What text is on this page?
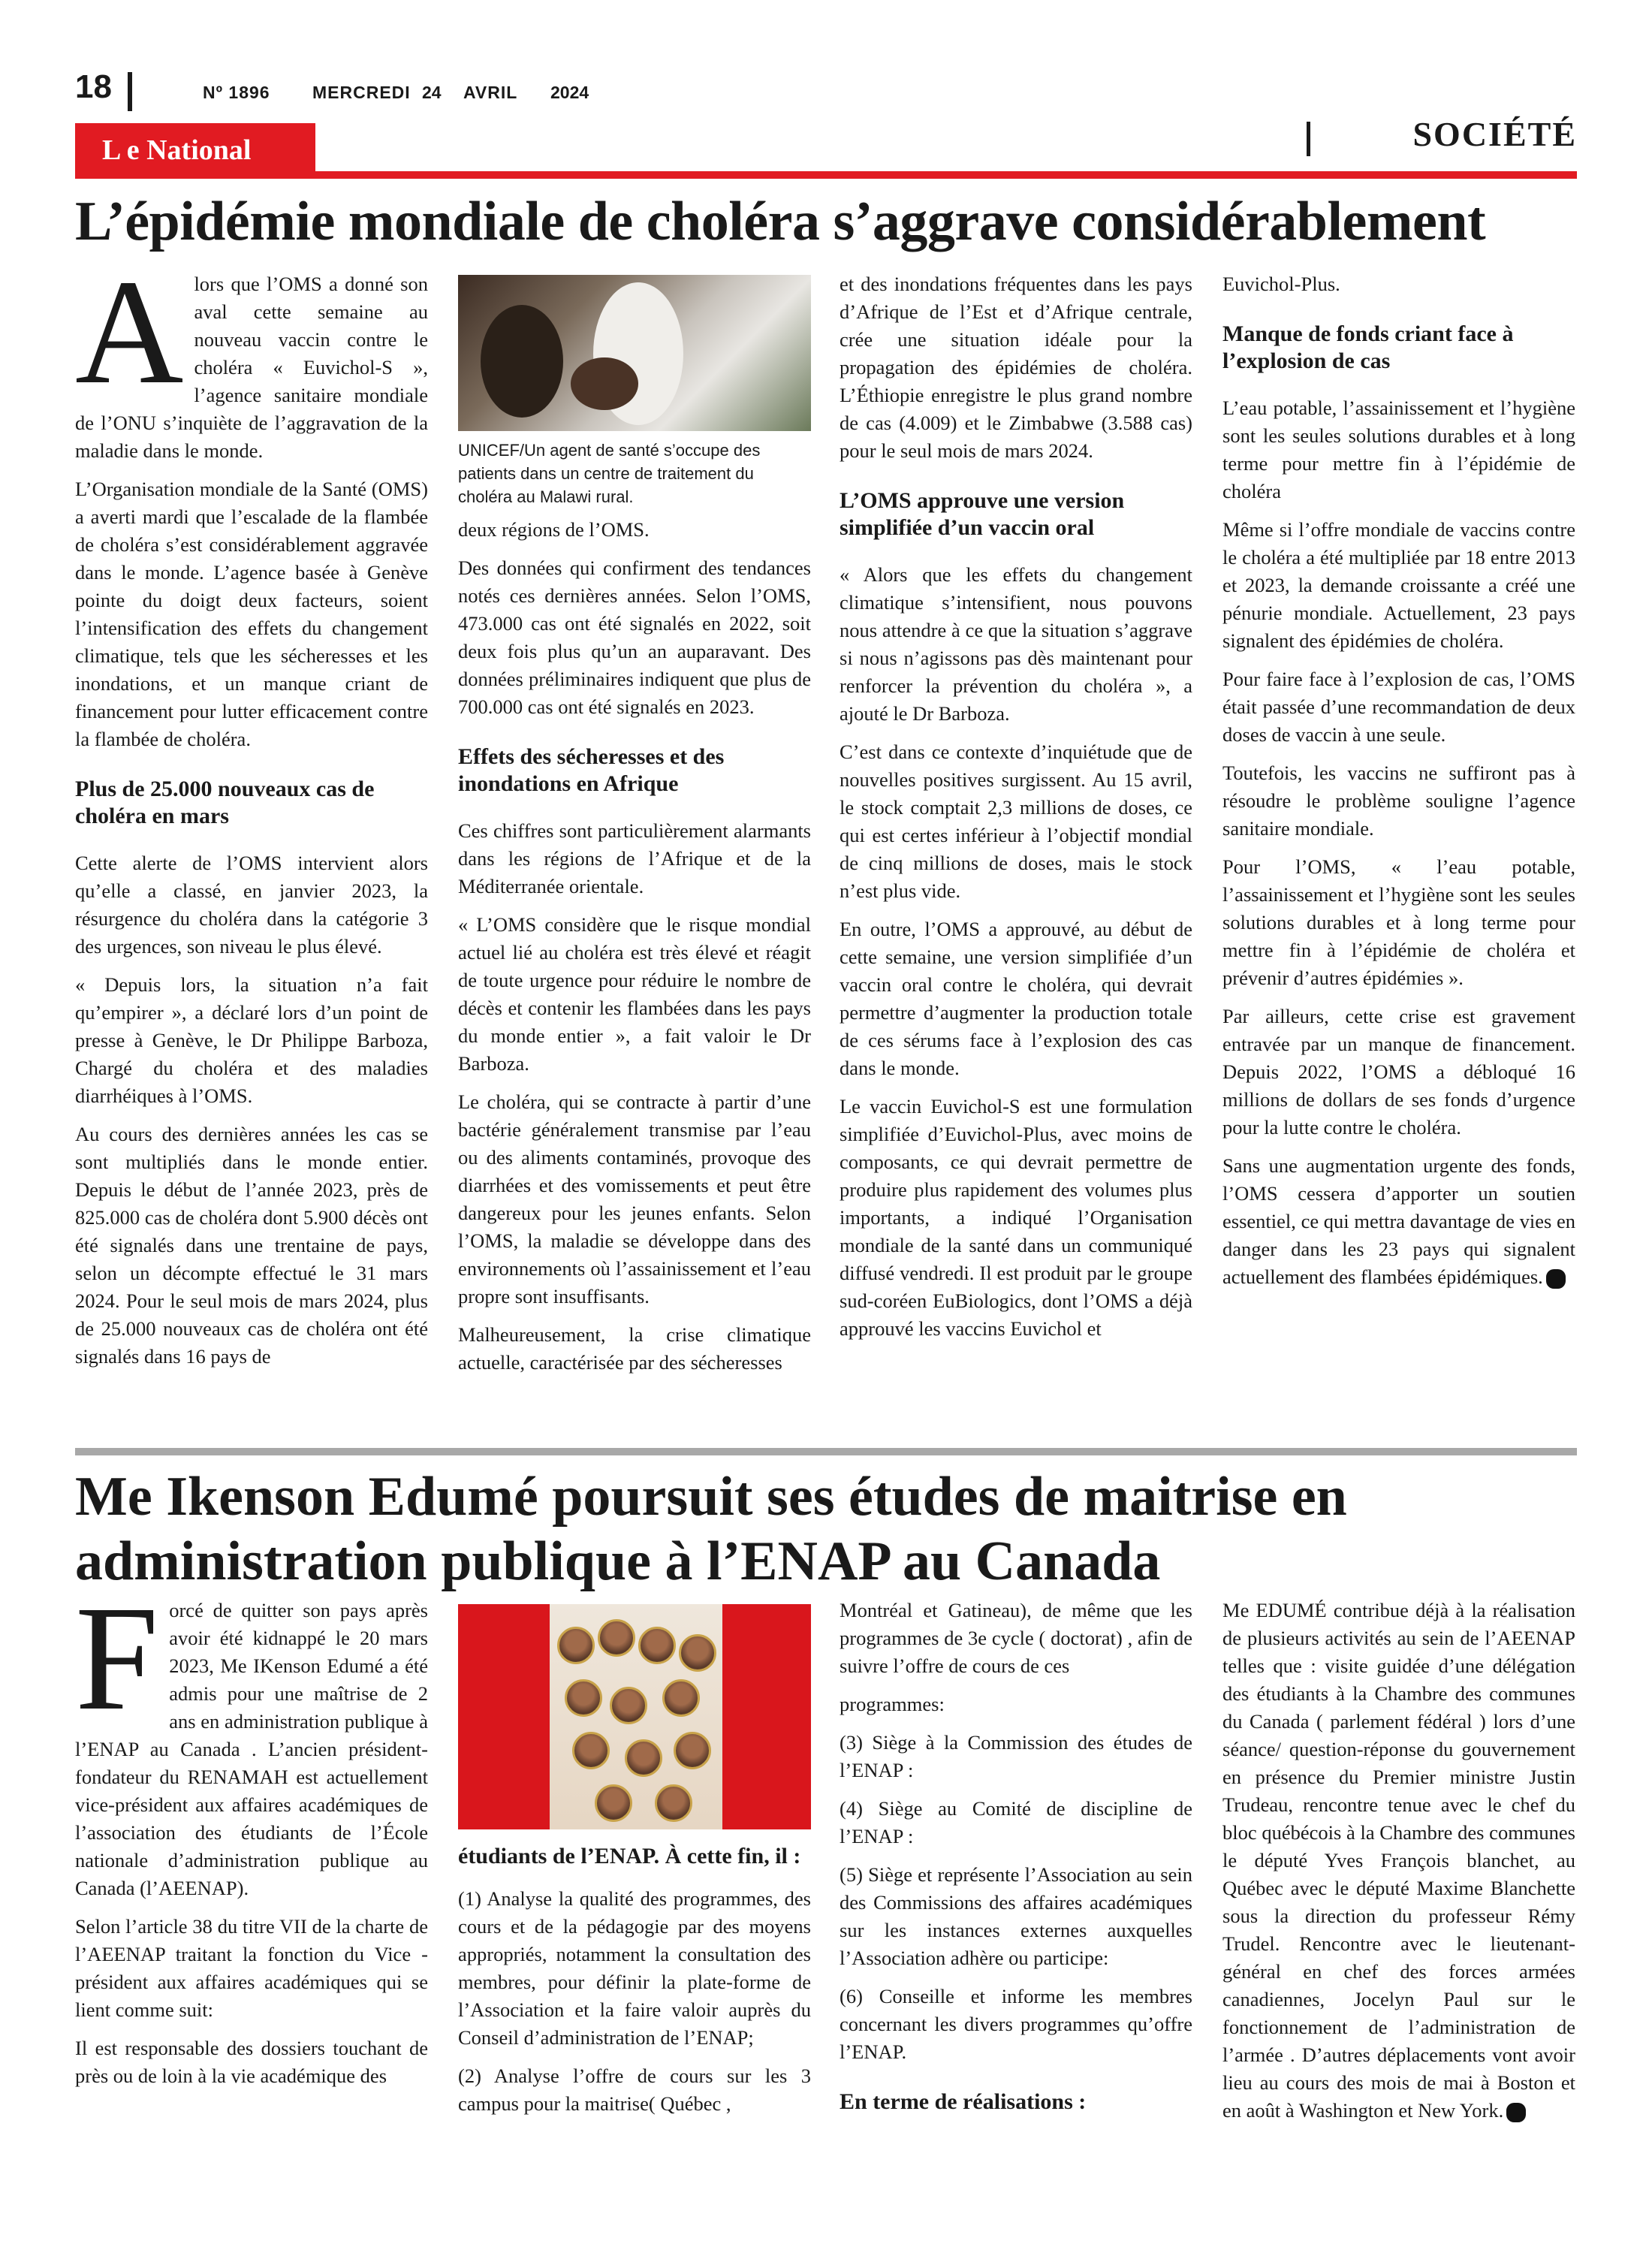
18	Nº 1896 MERCREDI 24 AVRIL 2024
L e National	SOCIÉTÉ
L’épidémie mondiale de choléra s’aggrave considérablement
A lors que l’OMS a donné son aval cette semaine au nouveau vaccin contre le choléra « Euvichol-S », l’agence sanitaire mondiale de l’ONU s’inquiète de l’aggravation de la maladie dans le monde.

L’Organisation mondiale de la Santé (OMS) a averti mardi que l’escalade de la flambée de choléra s’est considérablement aggravée dans le monde. L’agence basée à Genève pointe du doigt deux facteurs, soient l’intensification des effets du changement climatique, tels que les sécheresses et les inondations, et un manque criant de financement pour lutter efficacement contre la flambée de choléra.

Plus de 25.000 nouveaux cas de choléra en mars

Cette alerte de l’OMS intervient alors qu’elle a classé, en janvier 2023, la résurgence du choléra dans la catégorie 3 des urgences, son niveau le plus élevé.

« Depuis lors, la situation n’a fait qu’empirer », a déclaré lors d’un point de presse à Genève, le Dr Philippe Barboza, Chargé du choléra et des maladies diarrhéiques à l’OMS.

Au cours des dernières années les cas se sont multipliés dans le monde entier. Depuis le début de l’année 2023, près de 825.000 cas de choléra dont 5.900 décès ont été signalés dans une trentaine de pays, selon un décompte effectué le 31 mars 2024. Pour le seul mois de mars 2024, plus de 25.000 nouveaux cas de choléra ont été signalés dans 16 pays de

UNICEF/Un agent de santé s’occupe des patients dans un centre de traitement du choléra au Malawi rural.

deux régions de l’OMS.

Des données qui confirment des tendances notés ces dernières années. Selon l’OMS, 473.000 cas ont été signalés en 2022, soit deux fois plus qu’un an auparavant. Des données préliminaires indiquent que plus de 700.000 cas ont été signalés en 2023.

Effets des sécheresses et des inondations en Afrique

Ces chiffres sont particulièrement alarmants dans les régions de l’Afrique et de la Méditerranée orientale.

« L’OMS considère que le risque mondial actuel lié au choléra est très élevé et réagit de toute urgence pour réduire le nombre de décès et contenir les flambées dans les pays du monde entier », a fait valoir le Dr Barboza.

Le choléra, qui se contracte à partir d’une bactérie généralement transmise par l’eau ou des aliments contaminés, provoque des diarrhées et des vomissements et peut être dangereux pour les jeunes enfants. Selon l’OMS, la maladie se développe dans des environnements où l’assainissement et l’eau propre sont insuffisants.

Malheureusement, la crise climatique actuelle, caractérisée par des sécheresses

et des inondations fréquentes dans les pays d’Afrique de l’Est et d’Afrique centrale, crée une situation idéale pour la propagation des épidémies de choléra. L’Éthiopie enregistre le plus grand nombre de cas (4.009) et le Zimbabwe (3.588 cas) pour le seul mois de mars 2024.

L’OMS approuve une version simplifiée d’un vaccin oral

« Alors que les effets du changement climatique s’intensifient, nous pouvons nous attendre à ce que la situation s’aggrave si nous n’agissons pas dès maintenant pour renforcer la prévention du choléra », a ajouté le Dr Barboza.

C’est dans ce contexte d’inquiétude que de nouvelles positives surgissent. Au 15 avril, le stock comptait 2,3 millions de doses, ce qui est certes inférieur à l’objectif mondial de cinq millions de doses, mais le stock n’est plus vide.

En outre, l’OMS a approuvé, au début de cette semaine, une version simplifiée d’un vaccin oral contre le choléra, qui devrait permettre d’augmenter la production totale de ces sérums face à l’explosion des cas dans le monde.

Le vaccin Euvichol-S est une formulation simplifiée d’Euvichol-Plus, avec moins de composants, ce qui devrait permettre de produire plus rapidement des volumes plus importants, a indiqué l’Organisation mondiale de la santé dans un communiqué diffusé vendredi. Il est produit par le groupe sud-coréen EuBiologics, dont l’OMS a déjà approuvé les vaccins Euvichol et

Euvichol-Plus.

Manque de fonds criant face à l’explosion de cas

L’eau potable, l’assainissement et l’hygiène sont les seules solutions durables et à long terme pour mettre fin à l’épidémie de choléra

Même si l’offre mondiale de vaccins contre le choléra a été multipliée par 18 entre 2013 et 2023, la demande croissante a créé une pénurie mondiale. Actuellement, 23 pays signalent des épidémies de choléra.

Pour faire face à l’explosion de cas, l’OMS était passée d’une recommandation de deux doses de vaccin à une seule.

Toutefois, les vaccins ne suffiront pas à résoudre le problème souligne l’agence sanitaire mondiale.

Pour l’OMS, « l’eau potable, l’assainissement et l’hygiène sont les seules solutions durables et à long terme pour mettre fin à l’épidémie de choléra et prévenir d’autres épidémies ».

Par ailleurs, cette crise est gravement entravée par un manque de financement. Depuis 2022, l’OMS a débloqué 16 millions de dollars de ses fonds d’urgence pour la lutte contre le choléra.

Sans une augmentation urgente des fonds, l’OMS cessera d’apporter un soutien essentiel, ce qui mettra davantage de vies en danger dans les 23 pays qui signalent actuellement des flambées épidémiques.

Me Ikenson Edumé poursuit ses études de maitrise en administration publique à l’ENAP au Canada
F orcé de quitter son pays après avoir été kidnappé le 20 mars 2023, Me IKenson Edumé a été admis pour une maîtrise de 2 ans en administration publique à l’ENAP au Canada . L’ancien président- fondateur du RENAMAH est actuellement vice-président aux affaires académiques de l’association des étudiants de l’École nationale d’administration publique au Canada (l’AEENAP).

Selon l’article 38 du titre VII de la charte de l’AEENAP traitant la fonction du Vice -président aux affaires académiques qui se lient comme suit:

Il est responsable des dossiers touchant de près ou de loin à la vie académique des

étudiants de l’ENAP. À cette fin, il :

(1) Analyse la qualité des programmes, des cours et de la pédagogie par des moyens appropriés, notamment la consultation des membres, pour définir la plate-forme de l’Association et la faire valoir auprès du Conseil d’administration de l’ENAP;

(2) Analyse l’offre de cours sur les 3 campus pour la maitrise( Québec ,

Montréal et Gatineau), de même que les programmes de 3e cycle ( doctorat) , afin de suivre l’offre de cours de ces

programmes:

(3) Siège à la Commission des études de l’ENAP :

(4) Siège au Comité de discipline de l’ENAP :

(5) Siège et représente l’Association au sein des Commissions des affaires académiques sur les instances externes auxquelles l’Association adhère ou participe:

(6) Conseille et informe les membres concernant les divers programmes qu’offre l’ENAP.

En terme de réalisations :

Me EDUMÉ contribue déjà à la réalisation de plusieurs activités au sein de l’AEENAP telles que : visite guidée d’une délégation des étudiants à la Chambre des communes du Canada ( parlement fédéral ) lors d’une séance/ question-réponse du gouvernement en présence du Premier ministre Justin Trudeau, rencontre tenue avec le chef du bloc québécois à la Chambre des communes le député Yves François blanchet, au Québec avec le député Maxime Blanchette sous la direction du professeur Rémy Trudel. Rencontre avec le lieutenant-général en chef des forces armées canadiennes, Jocelyn Paul sur le fonctionnement de l’administration de l’armée . D’autres déplacements vont avoir lieu au cours des mois de mai à Boston et en août à Washington et New York.
